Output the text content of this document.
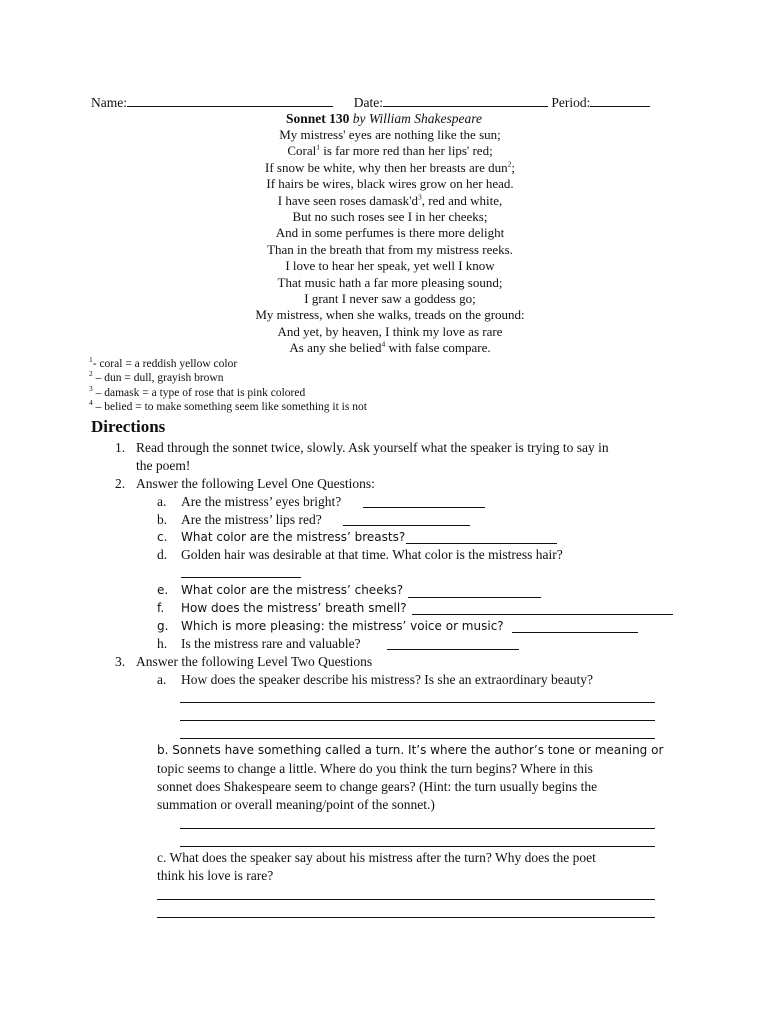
Name:	Date:	Period:
Sonnet 130 by William Shakespeare
My mistress' eyes are nothing like the sun;
Coral$^1$ is far more red than her lips' red;
If snow be white, why then her breasts are dun$^2$;
If hairs be wires, black wires grow on her head.
I have seen roses $damask'd^3$, red and white,
But no such roses see I in her cheeks;
And in some perfumes is there more delight
Than in the breath that from my mistress reeks.
I love to hear her speak, yet well I know
That music hath a far more pleasing sound;
I grant I never saw a goddess go;
My mistress, when she walks, treads on the ground:
And yet, by heaven, I think my love as rare
As any she belied$^4$ with false compare.
$^1$- coral = a reddish yellow color
$^2$ – dun = dull, grayish brown
$^3$ – damask = a type of rose that is pink colored
$^4$ – belied = to make something seem like something it is not
Directions
1. Read through the sonnet twice, slowly. Ask yourself what the speaker is trying to say in
the poem!
2. Answer the following Level One Questions:
a. Are the mistress’ eyes bright?
b. Are the mistress’ lips red?
c. What color are the mistress’ breasts?
d. Golden hair was desirable at that time. What color is the mistress hair?
e. What color are the mistress’ cheeks?
f. How does the mistress’ breath smell?
g. Which is more pleasing: the mistress’ voice or music?
h. Is the mistress rare and valuable?
3. Answer the following Level Two Questions
a. How does the speaker describe his mistress? Is she an extraordinary beauty?
b. Sonnets have something called a turn. It’s where the author’s tone or meaning or
topic seems to change a little. Where do you think the turn begins? Where in this
sonnet does Shakespeare seem to change gears? (Hint: the turn usually begins the
summation or overall meaning/point of the sonnet.)
c. What does the speaker say about his mistress after the turn? Why does the poet
think his love is rare?
